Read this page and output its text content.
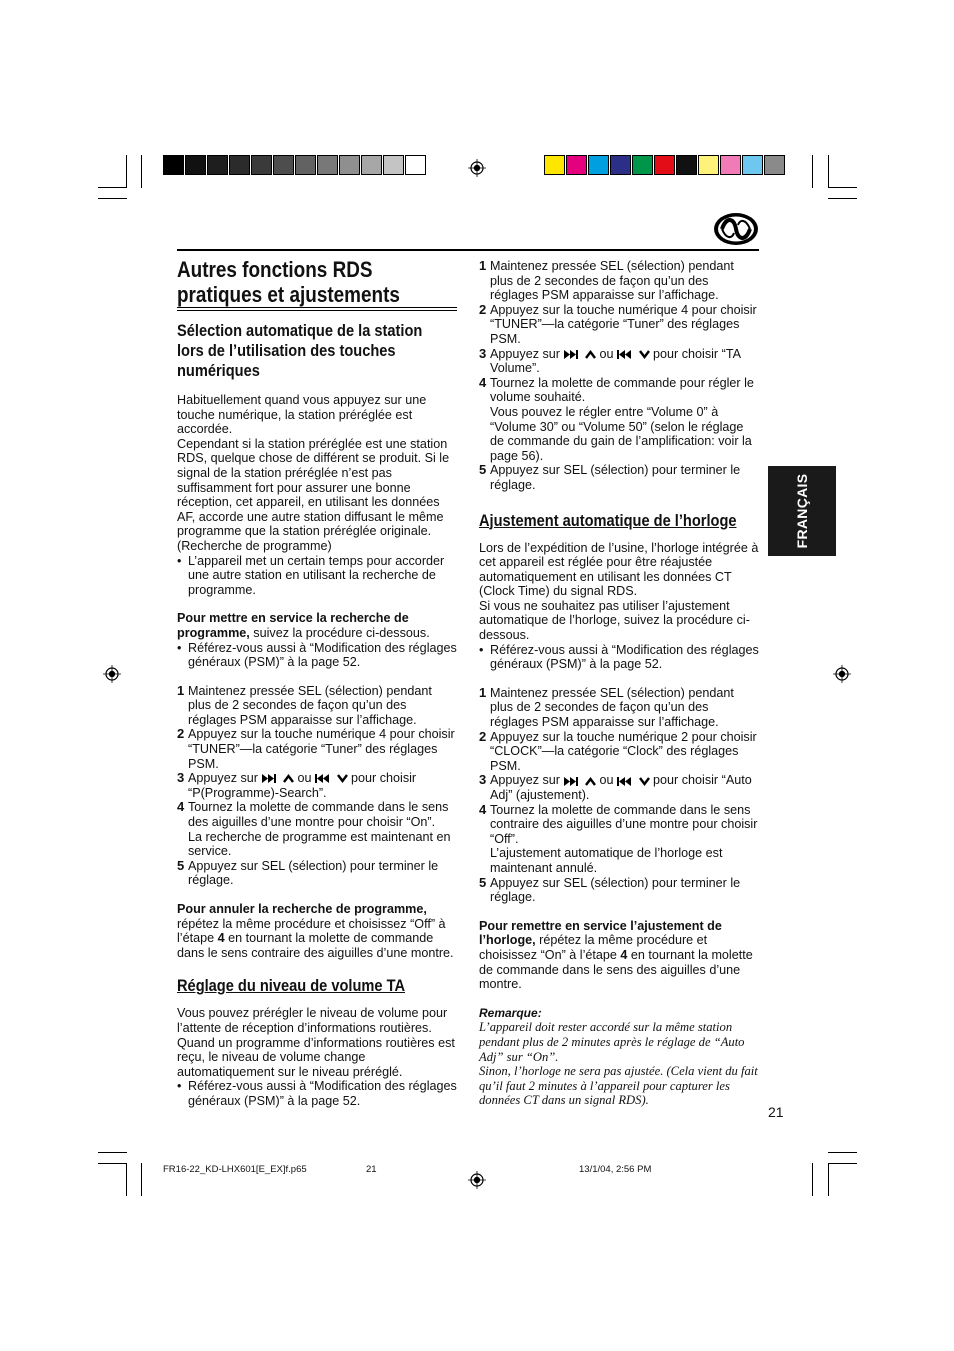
FRANÇAIS
Autres fonctions RDS pratiques et ajustements
Sélection automatique de la station lors de l’utilisation des touches numériques

Habituellement quand vous appuyez sur une touche numérique, la station préréglée est accordée.

Cependant si la station préréglée est une station RDS, quelque chose de différent se produit. Si le signal de la station préréglée n’est pas suffisamment fort pour assurer une bonne réception, cet appareil, en utilisant les données AF, accorde une autre station diffusant le même programme que la station préréglée originale. (Recherche de programme)

• L’appareil met un certain temps pour accorder une autre station en utilisant la recherche de programme.

Pour mettre en service la recherche de programme, suivez la procédure ci-dessous.

• Référez-vous aussi à “Modification des réglages généraux (PSM)” à la page 52.
1 Maintenez pressée SEL (sélection) pendant plus de 2 secondes de façon qu’un des réglages PSM apparaisse sur l’affichage.
2 Appuyez sur la touche numérique 4 pour choisir “TUNER”—la catégorie “Tuner” des réglages PSM.
3 Appuyez sur	ou	pour choisir “P(Programme)-Search”.
4 Tournez la molette de commande dans le sens des aiguilles d’une montre pour choisir “On”.
La recherche de programme est maintenant en service.
5 Appuyez sur SEL (sélection) pour terminer le réglage.

Pour annuler la recherche de programme, répétez la même procédure et choisissez “Off” à l’étape 4 en tournant la molette de commande dans le sens contraire des aiguilles d’une montre.

Réglage du niveau de volume TA

Vous pouvez prérégler le niveau de volume pour l’attente de réception d’informations routières. Quand un programme d’informations routières est reçu, le niveau de volume change automatiquement sur le niveau préréglé.

• Référez-vous aussi à “Modification des réglages généraux (PSM)” à la page 52.
1 Maintenez pressée SEL (sélection) pendant plus de 2 secondes de façon qu’un des réglages PSM apparaisse sur l’affichage.
2 Appuyez sur la touche numérique 4 pour choisir “TUNER”—la catégorie “Tuner” des réglages PSM.
3 Appuyez sur	ou	pour choisir “TA Volume”.
4 Tournez la molette de commande pour régler le volume souhaité.
Vous pouvez le régler entre “Volume 0” à “Volume 30” ou “Volume 50” (selon le réglage de commande du gain de l’amplification: voir la page 56).
5 Appuyez sur SEL (sélection) pour terminer le réglage.
Ajustement automatique de l’horloge

Lors de l’expédition de l’usine, l’horloge intégrée à cet appareil est réglée pour être réajustée automatiquement en utilisant les données CT (Clock Time) du signal RDS.

Si vous ne souhaitez pas utiliser l’ajustement automatique de l’horloge, suivez la procédure ci-dessous.

• Référez-vous aussi à “Modification des réglages généraux (PSM)” à la page 52.
1 Maintenez pressée SEL (sélection) pendant plus de 2 secondes de façon qu’un des réglages PSM apparaisse sur l’affichage.
2 Appuyez sur la touche numérique 2 pour choisir “CLOCK”—la catégorie “Clock” des réglages PSM.
3 Appuyez sur	ou	pour choisir “Auto Adj” (ajustement).
4 Tournez la molette de commande dans le sens contraire des aiguilles d’une montre pour choisir “Off”.
L’ajustement automatique de l’horloge est maintenant annulé.
5 Appuyez sur SEL (sélection) pour terminer le réglage.

Pour remettre en service l’ajustement de l’horloge, répétez la même procédure et choisissez “On” à l’étape 4 en tournant la molette de commande dans le sens des aiguilles d’une montre.

Remarque:

L’appareil doit rester accordé sur la même station pendant plus de 2 minutes après le réglage de “Auto Adj” sur “On”.

Sinon, l’horloge ne sera pas ajustée. (Cela vient du fait qu’il faut 2 minutes à l’appareil pour capturer les données CT dans un signal RDS).

21
FR16-22_KD-LHX601[E_EX]f.p65	21	13/1/04, 2:56 PM
